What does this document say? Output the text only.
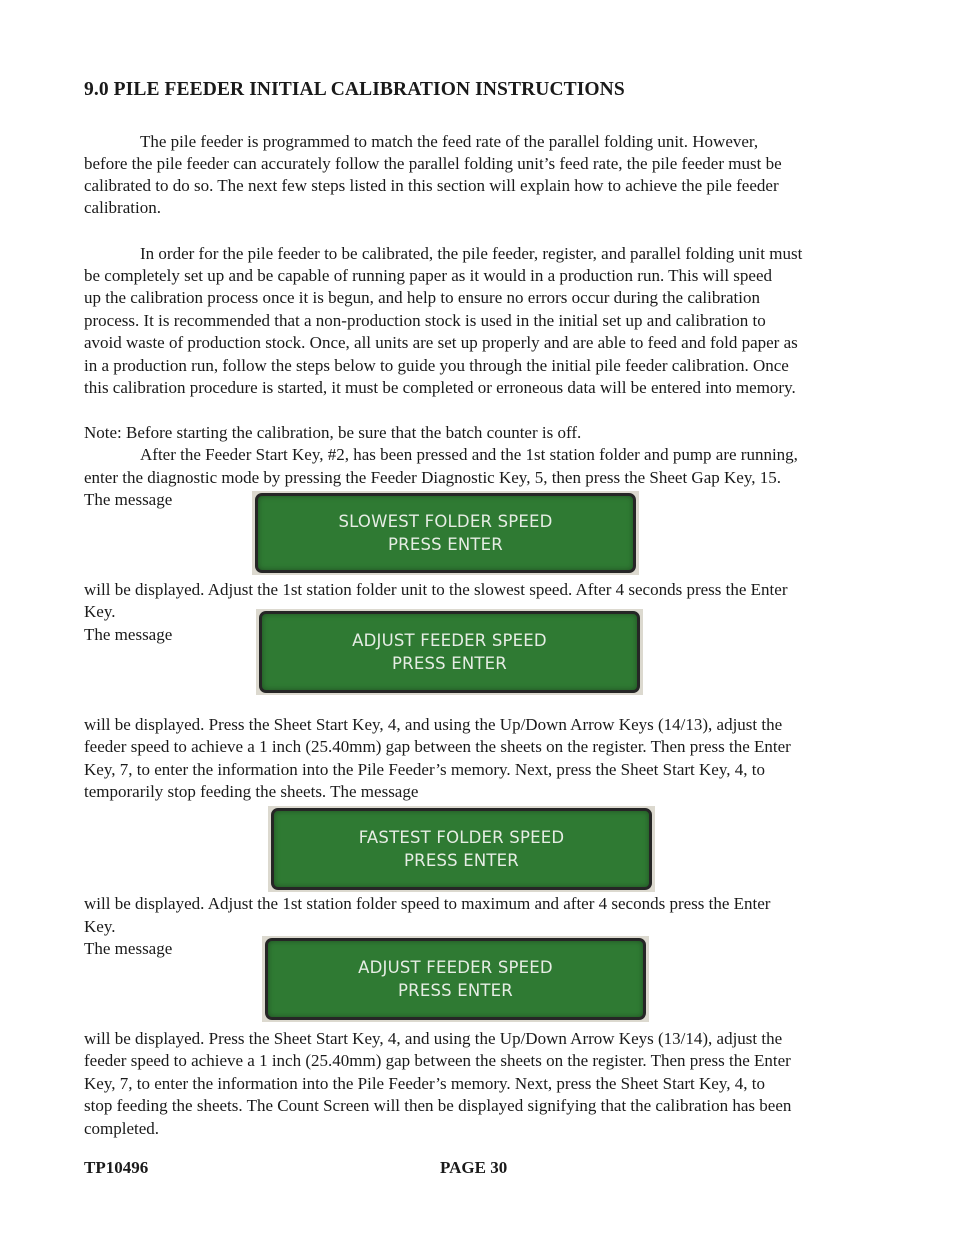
9.0 PILE FEEDER INITIAL CALIBRATION INSTRUCTIONS
The pile feeder is programmed to match the feed rate of the parallel folding unit. However,
before the pile feeder can accurately follow the parallel folding unit’s feed rate, the pile feeder must be
calibrated to do so. The next few steps listed in this section will explain how to achieve the pile feeder
calibration.
In order for the pile feeder to be calibrated, the pile feeder, register, and parallel folding unit must
be completely set up and be capable of running paper as it would in a production run. This will speed
up the calibration process once it is begun, and help to ensure no errors occur during the calibration
process. It is recommended that a non-production stock is used in the initial set up and calibration to
avoid waste of production stock. Once, all units are set up properly and are able to feed and fold paper as
in a production run, follow the steps below to guide you through the initial pile feeder calibration. Once
this calibration procedure is started, it must be completed or erroneous data will be entered into memory.
Note: Before starting the calibration, be sure that the batch counter is off.
After the Feeder Start Key, #2, has been pressed and the 1st station folder and pump are running,
enter the diagnostic mode by pressing the Feeder Diagnostic Key, 5, then press the Sheet Gap Key, 15.
The message
SLOWEST FOLDER SPEED
PRESS ENTER
will be displayed. Adjust the 1st station folder unit to the slowest speed. After 4 seconds press the Enter
Key.
The message	ADJUST FEEDER SPEED
PRESS ENTER
will be displayed. Press the Sheet Start Key, 4, and using the Up/Down Arrow Keys (14/13), adjust the
feeder speed to achieve a 1 inch (25.40mm) gap between the sheets on the register. Then press the Enter
Key, 7, to enter the information into the Pile Feeder’s memory. Next, press the Sheet Start Key, 4, to
temporarily stop feeding the sheets. The message
FASTEST FOLDER SPEED
PRESS ENTER
will be displayed. Adjust the 1st station folder speed to maximum and after 4 seconds press the Enter
Key.
The message
ADJUST FEEDER SPEED
PRESS ENTER
will be displayed. Press the Sheet Start Key, 4, and using the Up/Down Arrow Keys (13/14), adjust the
feeder speed to achieve a 1 inch (25.40mm) gap between the sheets on the register. Then press the Enter
Key, 7, to enter the information into the Pile Feeder’s memory. Next, press the Sheet Start Key, 4, to
stop feeding the sheets. The Count Screen will then be displayed signifying that the calibration has been
completed.
TP10496	PAGE 30
